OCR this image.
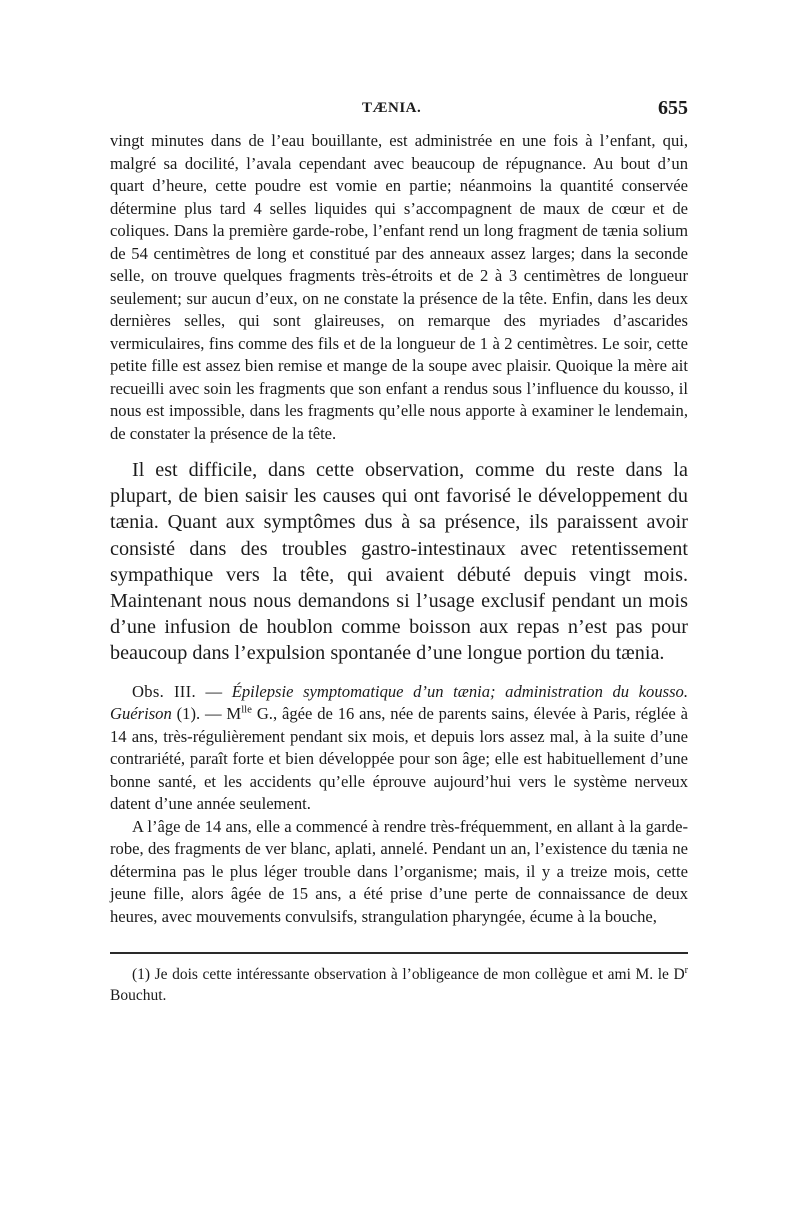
TÆNIA.	655

vingt minutes dans de l’eau bouillante, est administrée en une fois à l’enfant, qui, malgré sa docilité, l’avala cependant avec beaucoup de répugnance. Au bout d’un quart d’heure, cette poudre est vomie en partie; néanmoins la quantité conservée détermine plus tard 4 selles liquides qui s’accompagnent de maux de cœur et de coliques. Dans la première garde-robe, l’enfant rend un long fragment de tænia solium de 54 centimètres de long et constitué par des anneaux assez larges; dans la seconde selle, on trouve quelques fragments très-étroits et de 2 à 3 centimètres de longueur seulement; sur aucun d’eux, on ne constate la présence de la tête. Enfin, dans les deux dernières selles, qui sont glaireuses, on remarque des myriades d’ascarides vermiculaires, fins comme des fils et de la longueur de 1 à 2 centimètres. Le soir, cette petite fille est assez bien remise et mange de la soupe avec plaisir. Quoique la mère ait recueilli avec soin les fragments que son enfant a rendus sous l’influence du kousso, il nous est impossible, dans les fragments qu’elle nous apporte à examiner le lendemain, de constater la présence de la tête.

Il est difficile, dans cette observation, comme du reste dans la plupart, de bien saisir les causes qui ont favorisé le développement du tænia. Quant aux symptômes dus à sa présence, ils paraissent avoir consisté dans des troubles gastro-intestinaux avec retentissement sympathique vers la tête, qui avaient débuté depuis vingt mois. Maintenant nous nous demandons si l’usage exclusif pendant un mois d’une infusion de houblon comme boisson aux repas n’est pas pour beaucoup dans l’expulsion spontanée d’une longue portion du tænia.

Obs. III. — Épilepsie symptomatique d’un tænia; administration du kousso. Guérison (1). — $M^{lle}$ G., âgée de 16 ans, née de parents sains, élevée à Paris, réglée à 14 ans, très-régulièrement pendant six mois, et depuis lors assez mal, à la suite d’une contrariété, paraît forte et bien développée pour son âge; elle est habituellement d’une bonne santé, et les accidents qu’elle éprouve aujourd’hui vers le système nerveux datent d’une année seulement.

A l’âge de 14 ans, elle a commencé à rendre très-fréquemment, en allant à la garde-robe, des fragments de ver blanc, aplati, annelé. Pendant un an, l’existence du tænia ne détermina pas le plus léger trouble dans l’organisme; mais, il y a treize mois, cette jeune fille, alors âgée de 15 ans, a été prise d’une perte de connaissance de deux heures, avec mouvements convulsifs, strangulation pharyngée, écume à la bouche,

(1) Je dois cette intéressante observation à l’obligeance de mon collègue et ami M. le $D^r$ Bouchut.
